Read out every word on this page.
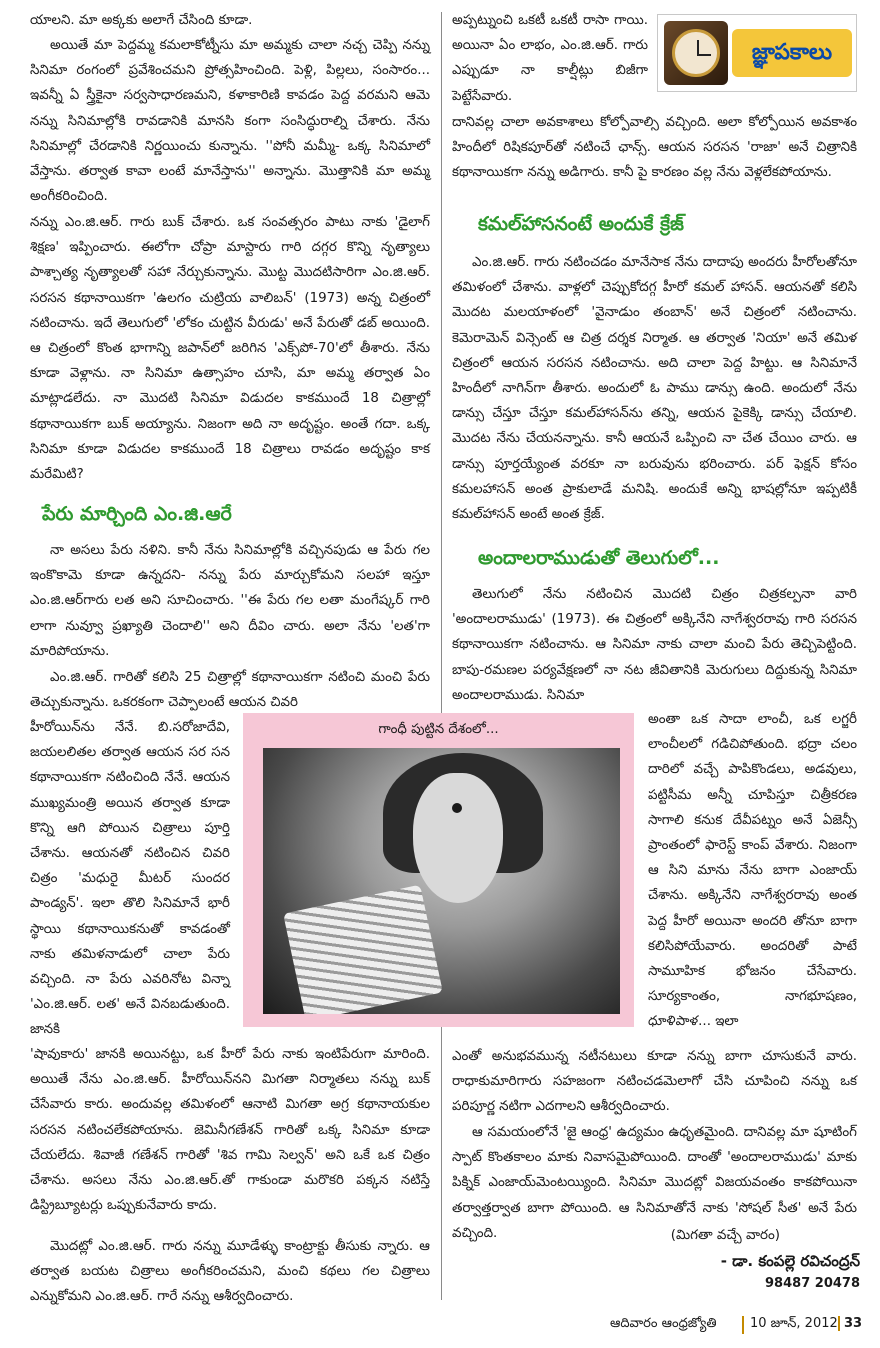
యాలని. మా అక్కకు అలాగే చేసింది కూడా.
అయితే మా పెద్దమ్మ కమలాకోట్నీసు మా అమ్మకు చాలా నచ్చ చెప్పి నన్ను సినిమా రంగంలో ప్రవేశించమని ప్రోత్సహించింది. పెళ్లి, పిల్లలు, సంసారం... ఇవన్నీ ఏ స్త్రీకైనా సర్వసాధారణమని, కళాకారిణి కావడం పెద్ద వరమని ఆమె నన్ను సినిమాల్లోకి రావడానికి మానసి కంగా సంసిద్ధురాల్ని చేశారు. నేను సినిమాల్లో చేరడానికి నిర్ణయించు కున్నాను. ''పోనీ మమ్మీ- ఒక్క సినిమాలో వేస్తాను. తర్వాత కావా లంటే మానేస్తాను'' అన్నాను. మొత్తానికి మా అమ్మ అంగీకరించింది.
నన్ను ఎం.జి.ఆర్. గారు బుక్ చేశారు. ఒక సంవత్సరం పాటు నాకు 'డైలాగ్ శిక్షణ' ఇప్పించారు. ఈలోగా చోప్రా మాస్టారు గారి దగ్గర కొన్ని నృత్యాలు పాశ్చాత్య నృత్యాలతో సహా నేర్చుకున్నాను. మొట్ట మొదటిసారిగా ఎం.జి.ఆర్. సరసన కథానాయికగా 'ఉలగం చుట్రియ వాలిబన్' (1973) అన్న చిత్రంలో నటించాను. ఇదే తెలుగులో 'లోకం చుట్టిన వీరుడు' అనే పేరుతో డబ్ అయింది. ఆ చిత్రంలో కొంత భాగాన్ని జపాన్‌లో జరిగిన 'ఎక్స్‌పో-70'లో తీశారు. నేను కూడా వెళ్లాను. నా సినిమా ఉత్సాహం చూసి, మా అమ్మ తర్వాత ఏం మాట్లాడలేదు. నా మొదటి సినిమా విడుదల కాకముందే 18 చిత్రాల్లో కథానాయికగా బుక్ అయ్యాను. నిజంగా అది నా అదృష్టం. అంతే గదా. ఒక్క సినిమా కూడా విడుదల కాకముందే 18 చిత్రాలు రావడం అదృష్టం కాక మరేమిటి?
పేరు మార్చింది ఎం.జి.ఆరే
నా అసలు పేరు నళిని. కానీ నేను సినిమాల్లోకి వచ్చినపుడు ఆ పేరు గల ఇంకొకామె కూడా ఉన్నదని- నన్ను పేరు మార్చుకోమని సలహా ఇస్తూ ఎం.జి.ఆర్‌గారు లత అని సూచించారు. ''ఈ పేరు గల లతా మంగేష్కర్ గారి లాగా నువ్వూ ప్రఖ్యాతి చెందాలి'' అని దీవిం చారు. అలా నేను 'లత'గా మారిపోయాను.
ఎం.జి.ఆర్. గారితో కలిసి 25 చిత్రాల్లో కథానాయికగా నటించి మంచి పేరు తెచ్చుకున్నాను. ఒకరకంగా చెప్పాలంటే ఆయన చివరి
హీరోయిన్‌ను నేనే. బి.సరోజాదేవి, జయలలితల తర్వాత ఆయన సర సన కథానాయికగా నటించింది నేనే. ఆయన ముఖ్యమంత్రి అయిన తర్వాత కూడా కొన్ని ఆగి పోయిన చిత్రాలు పూర్తి చేశాను. ఆయనతో నటించిన చివరి చిత్రం 'మధురై మీటర్ సుందర పాండ్యన్'. ఇలా తొలి సినిమానే భారీ స్థాయి కథానాయికనుతో కావడంతో నాకు తమిళనాడులో చాలా పేరు వచ్చింది. నా పేరు ఎవరినోట విన్నా 'ఎం.జి.ఆర్. లత' అనే వినబడుతుంది. జానకి
'షావుకారు' జానకి అయినట్టు, ఒక హీరో పేరు నాకు ఇంటిపేరుగా మారింది. అయితే నేను ఎం.జి.ఆర్. హీరోయిన్‌నని మిగతా నిర్మాతలు నన్ను బుక్ చేసేవారు కారు. అందువల్ల తమిళంలో ఆనాటి మిగతా అగ్ర కథానాయకుల సరసన నటించలేకపోయాను. జెమినీగణేశన్ గారితో ఒక్క సినిమా కూడా చేయలేదు. శివాజీ గణేశన్ గారితో 'శివ గామి సెల్వన్' అని ఒకే ఒక చిత్రం చేశాను. అసలు నేను ఎం.జి.ఆర్.తో గాకుండా మరొకరి పక్కన నటిస్తే డిస్ట్రిబ్యూటర్లు ఒప్పుకునేవారు కాదు.
మొదట్లో ఎం.జి.ఆర్. గారు నన్ను మూడేళ్ళు కాంట్రాక్టు తీసుకు న్నారు. ఆ తర్వాత బయట చిత్రాలు అంగీకరించమని, మంచి కథలు గల చిత్రాలు ఎన్నుకోమని ఎం.జి.ఆర్. గారే నన్ను ఆశీర్వదించారు.
జ్ఞాపకాలు
అప్పట్నుంచి ఒకటీ ఒకటీ రాసా గాయి. అయినా ఏం లాభం, ఎం.జి.ఆర్. గారు ఎప్పుడూ నా కాల్షీట్లు బిజీగా పెట్టేసేవారు.
దానివల్ల చాలా అవకాశాలు కోల్పోవాల్సి వచ్చింది. అలా కోల్పోయిన అవకాశం హిందీలో రిషికపూర్‌తో నటించే ఛాన్స్. ఆయన సరసన 'రాజా' అనే చిత్రానికి కథానాయికగా నన్ను అడిగారు. కానీ పై కారణం వల్ల నేను వెళ్లలేకపోయాను.
కమల్‌హాసనంటే అందుకే క్రేజ్
ఎం.జి.ఆర్. గారు నటించడం మానేసాక నేను దాదాపు అందరు హీరోలతోనూ తమిళంలో చేశాను. వాళ్లలో చెప్పుకోదగ్గ హీరో కమల్ హాసన్. ఆయనతో కలిసి మొదట మలయాళంలో 'వైనాడుం తంబాన్' అనే చిత్రంలో నటించాను. కెమెరామెన్ విన్సెంట్ ఆ చిత్ర దర్శక నిర్మాత. ఆ తర్వాత 'నియా' అనే తమిళ చిత్రంలో ఆయన సరసన నటించాను. అది చాలా పెద్ద హిట్టు. ఆ సినిమానే హిందీలో నాగిన్‌గా తీశారు. అందులో ఓ పాము డాన్సు ఉంది. అందులో నేను డాన్సు చేస్తూ చేస్తూ కమల్‌హాసన్‌ను తన్ని, ఆయన పైకెక్కి డాన్సు చేయాలి. మొదట నేను చేయనన్నాను. కానీ ఆయనే ఒప్పించి నా చేత చేయిం చారు. ఆ డాన్సు పూర్తయ్యేంత వరకూ నా బరువును భరించారు. పర్ ఫెక్షన్ కోసం కమలహాసన్ అంత ప్రాకులాడే మనిషి. అందుకే అన్ని భాషల్లోనూ ఇప్పటికీ కమల్‌హాసన్ అంటే అంత క్రేజ్.
అందాలరాముడుతో తెలుగులో...
తెలుగులో నేను నటించిన మొదటి చిత్రం చిత్రకల్పనా వారి 'అందాలరాముడు' (1973). ఈ చిత్రంలో అక్కినేని నాగేశ్వరరావు గారి సరసన కథానాయికగా నటించాను. ఆ సినిమా నాకు చాలా మంచి పేరు తెచ్చిపెట్టింది. బాపు-రమణల పర్యవేక్షణలో నా నట జీవితానికి మెరుగులు దిద్దుకున్న సినిమా అందాలరాముడు. సినిమా
అంతా ఒక సాదా లాంచీ, ఒక లగ్జరీ లాంచీలలో గడిచిపోతుంది. భద్రా చలం దారిలో వచ్చే పాపికొండలు, అడవులు, పట్టిసీమ అన్నీ చూపిస్తూ చిత్రీకరణ సాగాలి కనుక దేవీపట్నం అనే ఏజెన్సీ ప్రాంతంలో ఫారెస్ట్ కాంప్ వేశారు. నిజంగా ఆ సిని మాను నేను బాగా ఎంజాయ్ చేశాను. అక్కినేని నాగేశ్వరరావు అంత పెద్ద హీరో అయినా అందరి తోనూ బాగా కలిసిపోయేవారు. అందరితో పాటే సామూహిక భోజనం చేసేవారు. సూర్యకాంతం, నాగభూషణం, ధూళిపాళ... ఇలా
ఎంతో అనుభవమున్న నటీనటులు కూడా నన్ను బాగా చూసుకునే వారు. రాధాకుమారిగారు సహజంగా నటించడమెలాగో చేసి చూపించి నన్ను ఒక పరిపూర్ణ నటిగా ఎదగాలని ఆశీర్వదించారు.
ఆ సమయంలోనే 'జై ఆంధ్ర' ఉద్యమం ఉధృతమైంది. దానివల్ల మా షూటింగ్ స్పాట్ కొంతకాలం మాకు నివాసమైపోయింది. దాంతో 'అందాలరాముడు' మాకు పిక్నిక్ ఎంజాయ్‌మెంటయ్యింది. సినిమా మొదట్లో విజయవంతం కాకపోయినా తర్వాత్తర్వాత బాగా పోయింది. ఆ సినిమాతోనే నాకు 'సోషల్ సీత' అనే పేరు వచ్చింది.	(మిగతా వచ్చే వారం)
- డా. కంపల్లె రవిచంద్రన్
98487 20478
గాంధీ పుట్టిన దేశంలో...
ఆదివారం ఆంధ్రజ్యోతి	10 జూన్, 2012 33
